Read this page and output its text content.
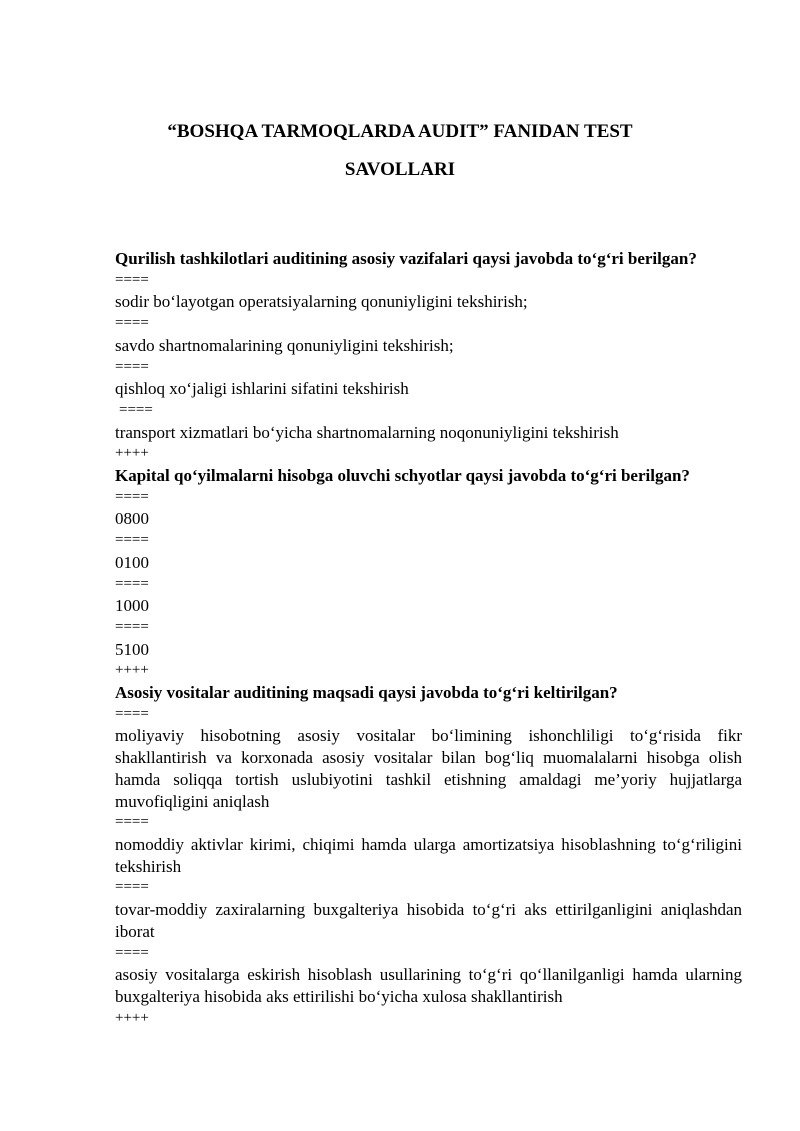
“BOSHQA TARMOQLARDA AUDIT” FANIDAN TEST

SAVOLLARI

Qurilish tashkilotlari auditining asosiy vazifalari qaysi javobda to‘g‘ri berilgan?

====

sodir bo‘layotgan operatsiyalarning qonuniyligini tekshirish;

====

savdo shartnomalarining qonuniyligini tekshirish;

====

qishloq xo‘jaligi ishlarini sifatini tekshirish

====

transport xizmatlari bo‘yicha shartnomalarning noqonuniyligini tekshirish

++++

Kapital qo‘yilmalarni hisobga oluvchi schyotlar qaysi javobda to‘g‘ri berilgan?

====

0800

====

0100

====

1000

====

5100

++++

Asosiy vositalar auditining maqsadi qaysi javobda to‘g‘ri keltirilgan?

====

moliyaviy hisobotning asosiy vositalar bo‘limining ishonchliligi to‘g‘risida fikr shakllantirish va korxonada asosiy vositalar bilan bog‘liq muomalalarni hisobga olish hamda soliqqa tortish uslubiyotini tashkil etishning amaldagi me’yoriy hujjatlarga muvofiqligini aniqlash

====

nomoddiy aktivlar kirimi, chiqimi hamda ularga amortizatsiya hisoblashning to‘g‘riligini tekshirish

====

tovar-moddiy zaxiralarning buxgalteriya hisobida to‘g‘ri aks ettirilganligini aniqlashdan iborat

====

asosiy vositalarga eskirish hisoblash usullarining to‘g‘ri qo‘llanilganligi hamda ularning buxgalteriya hisobida aks ettirilishi bo‘yicha xulosa shakllantirish

++++
